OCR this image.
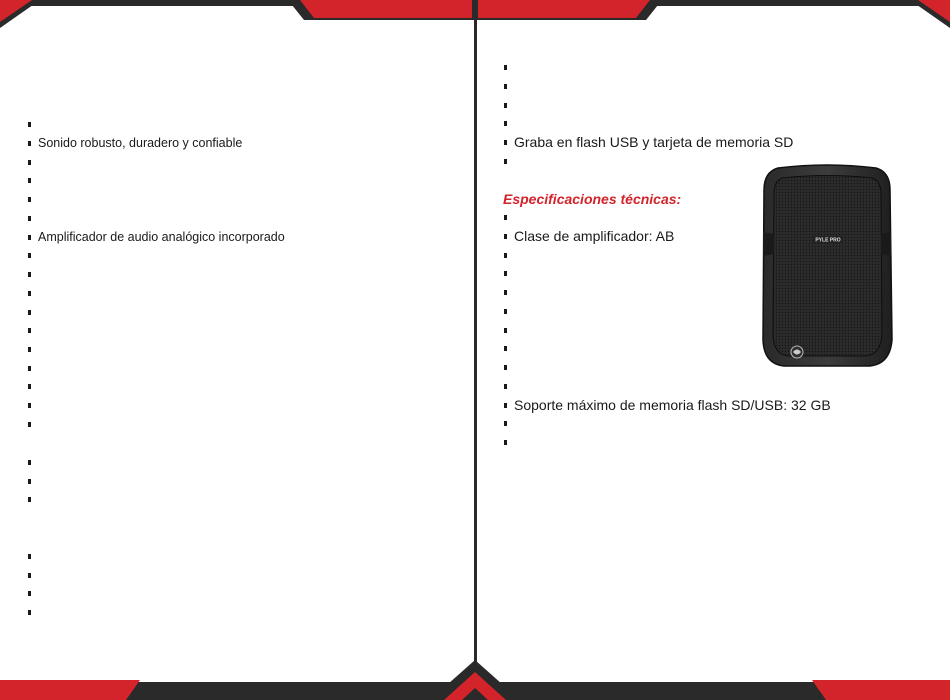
Sonido robusto, duradero y confiable
Amplificador de audio analógico incorporado
Graba en flash USB y tarjeta de memoria SD
Especificaciones técnicas:
Clase de amplificador: AB
Soporte máximo de memoria flash SD/USB: 32 GB
PYLE PRO
